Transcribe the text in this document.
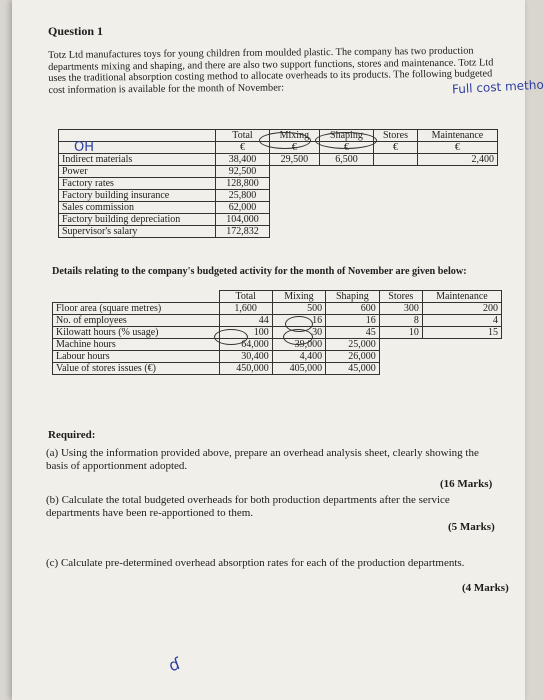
Question 1
Totz Ltd manufactures toys for young children from moulded plastic. The company has two production departments mixing and shaping, and there are also two support functions, stores and maintenance. Totz Ltd uses the traditional absorption costing method to allocate overheads to its products. The following budgeted cost information is available for the month of November:	Full cost metho
	Total	Mixing	Shaping	Stores	Maintenance
	€	€	€	€	€
Indirect materials	38,400	29,500	6,500		2,400
Power	92,500				
Factory rates	128,800				
Factory building insurance	25,800				
Sales commission	62,000				
Factory building depreciation	104,000				
Supervisor's salary	172,832				
OH
Details relating to the company's budgeted activity for the month of November are given below:
	Total	Mixing	Shaping	Stores	Maintenance
Floor area (square metres)	1,600	500	600	300	200
No. of employees	44	16	16	8	4
Kilowatt hours (% usage)	100	30	45	10	15
Machine hours	64,000	39,000	25,000		
Labour hours	30,400	4,400	26,000		
Value of stores issues (€)	450,000	405,000	45,000		
Required:
(a) Using the information provided above, prepare an overhead analysis sheet, clearly showing the basis of apportionment adopted.
(16 Marks)
(b) Calculate the total budgeted overheads for both production departments after the service departments have been re-apportioned to them.
(5 Marks)
(c) Calculate pre-determined overhead absorption rates for each of the production departments.
(4 Marks)
ɗ
